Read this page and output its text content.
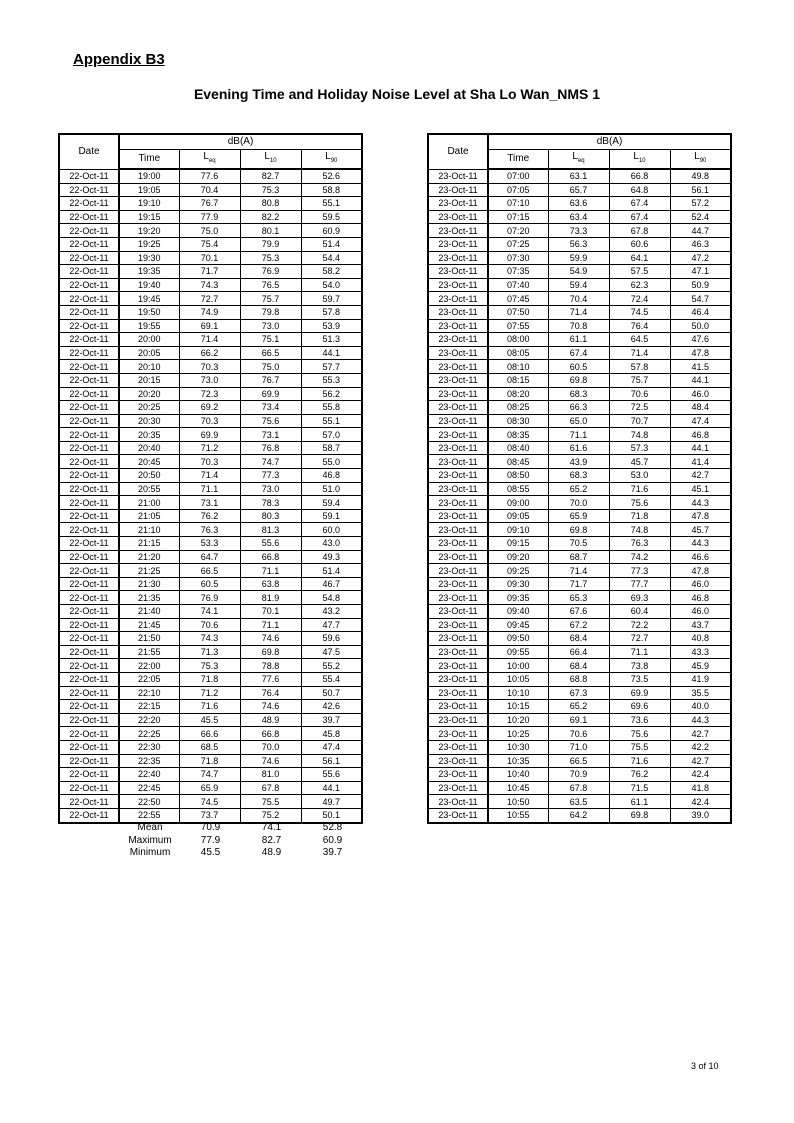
Appendix B3
Evening Time and Holiday Noise Level at Sha Lo Wan_NMS 1
Date	dB(A)			
	Time	$L_{eq}$	$L_{10}$	$L_{90}$
22-Oct-11	19:00	77.6	82.7	52.6
22-Oct-11	19:05	70.4	75.3	58.8
22-Oct-11	19:10	76.7	80.8	55.1
22-Oct-11	19:15	77.9	82.2	59.5
22-Oct-11	19:20	75.0	80.1	60.9
22-Oct-11	19:25	75.4	79.9	51.4
22-Oct-11	19:30	70.1	75.3	54.4
22-Oct-11	19:35	71.7	76.9	58.2
22-Oct-11	19:40	74.3	76.5	54.0
22-Oct-11	19:45	72.7	75.7	59.7
22-Oct-11	19:50	74.9	79.8	57.8
22-Oct-11	19:55	69.1	73.0	53.9
22-Oct-11	20:00	71.4	75.1	51.3
22-Oct-11	20:05	66.2	66.5	44.1
22-Oct-11	20:10	70.3	75.0	57.7
22-Oct-11	20:15	73.0	76.7	55.3
22-Oct-11	20:20	72.3	69.9	56.2
22-Oct-11	20:25	69.2	73.4	55.8
22-Oct-11	20:30	70.3	75.6	55.1
22-Oct-11	20:35	69.9	73.1	57.0
22-Oct-11	20:40	71.2	76.8	58.7
22-Oct-11	20:45	70.3	74.7	55.0
22-Oct-11	20:50	71.4	77.3	46.8
22-Oct-11	20:55	71.1	73.0	51.0
22-Oct-11	21:00	73.1	78.3	59.4
22-Oct-11	21:05	76.2	80.3	59.1
22-Oct-11	21:10	76.3	81.3	60.0
22-Oct-11	21:15	53.3	55.6	43.0
22-Oct-11	21:20	64.7	66.8	49.3
22-Oct-11	21:25	66.5	71.1	51.4
22-Oct-11	21:30	60.5	63.8	46.7
22-Oct-11	21:35	76.9	81.9	54.8
22-Oct-11	21:40	74.1	70.1	43.2
22-Oct-11	21:45	70.6	71.1	47.7
22-Oct-11	21:50	74.3	74.6	59.6
22-Oct-11	21:55	71.3	69.8	47.5
22-Oct-11	22:00	75.3	78.8	55.2
22-Oct-11	22:05	71.8	77.6	55.4
22-Oct-11	22:10	71.2	76.4	50.7
22-Oct-11	22:15	71.6	74.6	42.6
22-Oct-11	22:20	45.5	48.9	39.7
22-Oct-11	22:25	66.6	66.8	45.8
22-Oct-11	22:30	68.5	70.0	47.4
22-Oct-11	22:35	71.8	74.6	56.1
22-Oct-11	22:40	74.7	81.0	55.6
22-Oct-11	22:45	65.9	67.8	44.1
22-Oct-11	22:50	74.5	75.5	49.7
22-Oct-11	22:55	73.7	75.2	50.1
Date	dB(A)			
	Time	$L_{eq}$	$L_{10}$	$L_{90}$
23-Oct-11	07:00	63.1	66.8	49.8
23-Oct-11	07:05	65.7	64.8	56.1
23-Oct-11	07:10	63.6	67.4	57.2
23-Oct-11	07:15	63.4	67.4	52.4
23-Oct-11	07:20	73.3	67.8	44.7
23-Oct-11	07:25	56.3	60.6	46.3
23-Oct-11	07:30	59.9	64.1	47.2
23-Oct-11	07:35	54.9	57.5	47.1
23-Oct-11	07:40	59.4	62.3	50.9
23-Oct-11	07:45	70.4	72.4	54.7
23-Oct-11	07:50	71.4	74.5	46.4
23-Oct-11	07:55	70.8	76.4	50.0
23-Oct-11	08:00	61.1	64.5	47.6
23-Oct-11	08:05	67.4	71.4	47.8
23-Oct-11	08:10	60.5	57.8	41.5
23-Oct-11	08:15	69.8	75.7	44.1
23-Oct-11	08:20	68.3	70.6	46.0
23-Oct-11	08:25	66.3	72.5	48.4
23-Oct-11	08:30	65.0	70.7	47.4
23-Oct-11	08:35	71.1	74.8	46.8
23-Oct-11	08:40	61.6	57.3	44.1
23-Oct-11	08:45	43.9	45.7	41.4
23-Oct-11	08:50	68.3	53.0	42.7
23-Oct-11	08:55	65.2	71.6	45.1
23-Oct-11	09:00	70.0	75.6	44.3
23-Oct-11	09:05	65.9	71.8	47.8
23-Oct-11	09:10	69.8	74.8	45.7
23-Oct-11	09:15	70.5	76.3	44.3
23-Oct-11	09:20	68.7	74.2	46.6
23-Oct-11	09:25	71.4	77.3	47.8
23-Oct-11	09:30	71.7	77.7	46.0
23-Oct-11	09:35	65.3	69.3	46.8
23-Oct-11	09:40	67.6	60.4	46.0
23-Oct-11	09:45	67.2	72.2	43.7
23-Oct-11	09:50	68.4	72.7	40.8
23-Oct-11	09:55	66.4	71.1	43.3
23-Oct-11	10:00	68.4	73.8	45.9
23-Oct-11	10:05	68.8	73.5	41.9
23-Oct-11	10:10	67.3	69.9	35.5
23-Oct-11	10:15	65.2	69.6	40.0
23-Oct-11	10:20	69.1	73.6	44.3
23-Oct-11	10:25	70.6	75.6	42.7
23-Oct-11	10:30	71.0	75.5	42.2
23-Oct-11	10:35	66.5	71.6	42.7
23-Oct-11	10:40	70.9	76.2	42.4
23-Oct-11	10:45	67.8	71.5	41.8
23-Oct-11	10:50	63.5	61.1	42.4
23-Oct-11	10:55	64.2	69.8	39.0
Mean	70.9	74.1	52.8
Maximum	77.9	82.7	60.9
Minimum	45.5	48.9	39.7
3 of 10
